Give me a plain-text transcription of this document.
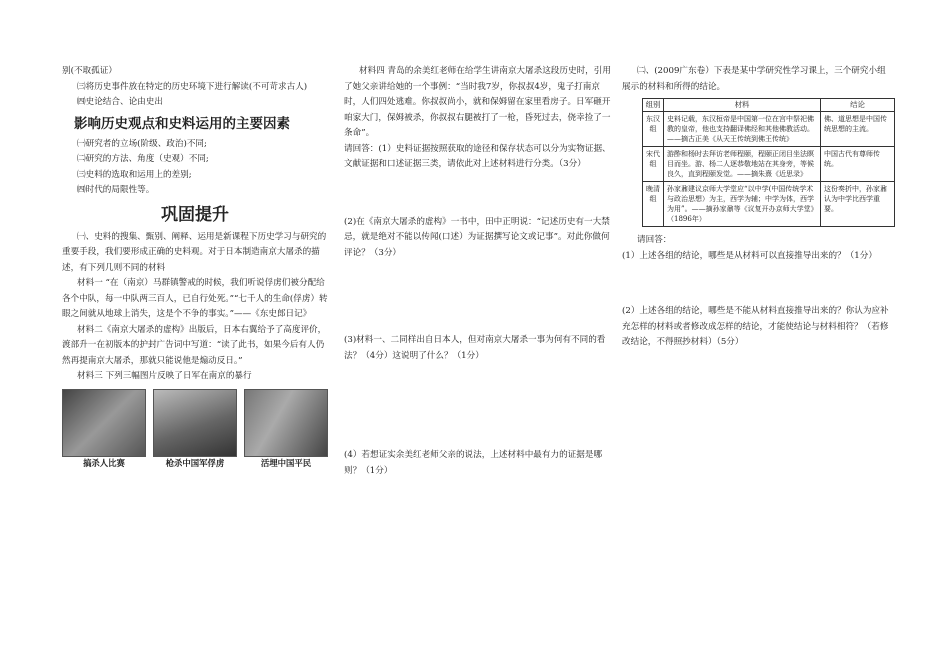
别(不取孤证）

㈢将历史事件放在特定的历史环境下进行解读(不可苛求古人)

㈣史论结合、论由史出

影响历史观点和史料运用的主要因素

㈠研究者的立场(阶级、政治)不同;

㈡研究的方法、角度（史观）不同;

㈢史料的选取和运用上的差别;

㈣时代的局限性等。

巩固提升

㈠、史料的搜集、甄别、阐释、运用是新课程下历史学习与研究的重要手段，我们要形成正确的史料观。对于日本制造南京大屠杀的描述，有下列几则不同的材料

材料一 “在（南京）马群镇警戒的时候，我们听说俘虏们被分配给各个中队，每一中队两三百人，已自行处死。”“七千人的生命(俘虏）转眼之间就从地球上消失，这是个不争的事实。”——《东史郎日记》

材料二《南京大屠杀的虚构》出版后，日本右翼给予了高度评价，渡部升一在初版本的护封广告词中写道：“读了此书，如果今后有人仍然再提南京大屠杀，那就只能说他是煽动反日。”

材料三 下列三幅图片反映了日军在南京的暴行

搞杀人比赛	枪杀中国军俘虏	活埋中国平民

材料四 青岛的余美红老师在给学生讲南京大屠杀这段历史时，引用了她父亲讲给她的一个事例：“当时我7岁，你叔叔4岁，鬼子打南京时，人们四处逃难。你叔叔尚小，就和保姆留在家里看房子。日军砸开咱家大门，保姆被杀，你叔叔右腿被打了一枪，昏死过去，侥幸捡了一条命”。

请回答：(1）史料证据按照获取的途径和保存状态可以分为实物证据、文献证据和口述证据三类，请依此对上述材料进行分类。（3分）

(2)在《南京大屠杀的虚构》一书中，田中正明说：“记述历史有一大禁忌，就是绝对不能以传闻(口述）为证据撰写论文或记事”。对此你做何评论？（3分）

(3)材料一、二同样出自日本人，但对南京大屠杀一事为何有不同的看法？（4分）这说明了什么？（1分）

(4）若想证实余美红老师父亲的说法，上述材料中最有力的证据是哪则？（1分）

㈡、(2009广东卷）下表是某中学研究性学习课上，三个研究小组展示的材料和所得的结论。

组别	材料	结论
东汉组	史料记载，东汉桓帝是中国第一位在宫中祭祀佛教的皇帝，他也支持翻译佛经和其他佛教活动。——摘古正美《从天王传统到佛王传统》	佛、道思想是中国传统思想的主流。
宋代组	游酢和杨时去拜访老师程颐，程颐正闭目坐法瞑目而坐。游、杨二人逐恭敬地站在其身旁，等候良久，直到程颐发觉。——摘朱熹《近思录》	中国古代有尊师传统。
晚清组	孙家鼐建议京师大学堂应“以中学(中国传统学术与政治思想）为主，西学为辅；中学为体，西学为用”。——摘孙家鼐等《议复开办京师大学堂》（1896年）	这份奏折中，孙家鼐认为中学比西学重要。

请回答：

(1）上述各组的结论，哪些是从材料可以直接推导出来的？（1分）

(2）上述各组的结论，哪些是不能从材料直接推导出来的？你认为应补充怎样的材料或者修改成怎样的结论，才能使结论与材料相符？（若修改结论，不得照抄材料）（5分）
